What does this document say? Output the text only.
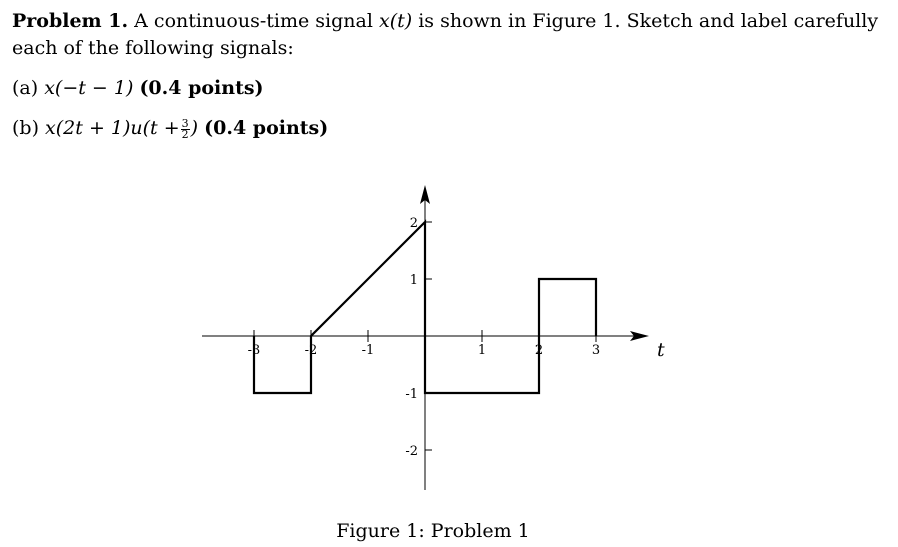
Problem 1. A continuous-time signal x(t) is shown in Figure 1. Sketch and label carefully each of the following signals:
(a) x(−t − 1) (0.4 points)
(b) $x(2t + 1)u(t + \frac{3}{2}$ ) (0.4 points)
t
-3	-2	-1	1	2	3
2
1
-1
-2
Figure 1: Problem 1
